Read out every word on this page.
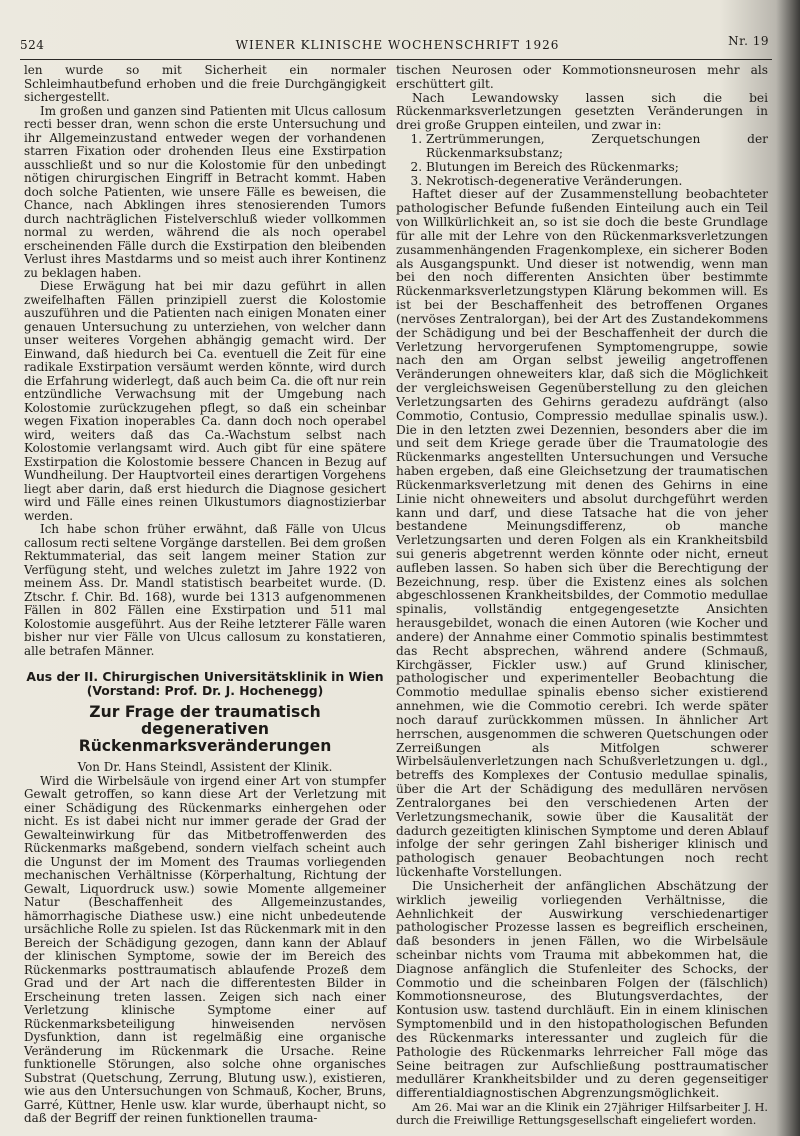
524	WIENER KLINISCHE WOCHENSCHRIFT 1926	Nr. 19

len wurde so mit Sicherheit ein normaler Schleimhautbefund erhoben und die freie Durchgängigkeit sichergestellt.

Im großen und ganzen sind Patienten mit Ulcus callosum recti besser dran, wenn schon die erste Untersuchung und ihr Allgemeinzustand entweder wegen der vorhandenen starren Fixation oder drohenden Ileus eine Exstirpation ausschließt und so nur die Kolostomie für den unbedingt nötigen chirurgischen Eingriff in Betracht kommt. Haben doch solche Patienten, wie unsere Fälle es beweisen, die Chance, nach Abklingen ihres stenosierenden Tumors durch nachträglichen Fistelverschluß wieder vollkommen normal zu werden, während die als noch operabel erscheinenden Fälle durch die Exstirpation den bleibenden Verlust ihres Mastdarms und so meist auch ihrer Kontinenz zu beklagen haben.

Diese Erwägung hat bei mir dazu geführt in allen zweifelhaften Fällen prinzipiell zuerst die Kolostomie auszuführen und die Patienten nach einigen Monaten einer genauen Untersuchung zu unterziehen, von welcher dann unser weiteres Vorgehen abhängig gemacht wird. Der Einwand, daß hiedurch bei Ca. eventuell die Zeit für eine radikale Exstirpation versäumt werden könnte, wird durch die Erfahrung widerlegt, daß auch beim Ca. die oft nur rein entzündliche Verwachsung mit der Umgebung nach Kolostomie zurückzugehen pflegt, so daß ein scheinbar wegen Fixation inoperables Ca. dann doch noch operabel wird, weiters daß das Ca.-Wachstum selbst nach Kolostomie verlangsamt wird. Auch gibt für eine spätere Exstirpation die Kolostomie bessere Chancen in Bezug auf Wundheilung. Der Hauptvorteil eines derartigen Vorgehens liegt aber darin, daß erst hiedurch die Diagnose gesichert wird und Fälle eines reinen Ulkustumors diagnostizierbar werden.

Ich habe schon früher erwähnt, daß Fälle von Ulcus callosum recti seltene Vorgänge darstellen. Bei dem großen Rektummaterial, das seit langem meiner Station zur Verfügung steht, und welches zuletzt im Jahre 1922 von meinem Ass. Dr. Mandl statistisch bearbeitet wurde. (D. Ztschr. f. Chir. Bd. 168), wurde bei 1313 aufgenommenen Fällen in 802 Fällen eine Exstirpation und 511 mal Kolostomie ausgeführt. Aus der Reihe letzterer Fälle waren bisher nur vier Fälle von Ulcus callosum zu konstatieren, alle betrafen Männer.

Aus der II. Chirurgischen Universitätsklinik in Wien
(Vorstand: Prof. Dr. J. Hochenegg)
Zur Frage der traumatisch degenerativen
Rückenmarksveränderungen

Von Dr. Hans Steindl, Assistent der Klinik.

Wird die Wirbelsäule von irgend einer Art von stumpfer Gewalt getroffen, so kann diese Art der Verletzung mit einer Schädigung des Rückenmarks einhergehen oder nicht. Es ist dabei nicht nur immer gerade der Grad der Gewalteinwirkung für das Mitbetroffenwerden des Rückenmarks maßgebend, sondern vielfach scheint auch die Ungunst der im Moment des Traumas vorliegenden mechanischen Verhältnisse (Körperhaltung, Richtung der Gewalt, Liquordruck usw.) sowie Momente allgemeiner Natur (Beschaffenheit des Allgemeinzustandes, hämorrhagische Diathese usw.) eine nicht unbedeutende ursächliche Rolle zu spielen. Ist das Rückenmark mit in den Bereich der Schädigung gezogen, dann kann der Ablauf der klinischen Symptome, sowie der im Bereich des Rückenmarks posttraumatisch ablaufende Prozeß dem Grad und der Art nach die differentesten Bilder in Erscheinung treten lassen. Zeigen sich nach einer Verletzung klinische Symptome einer auf Rückenmarksbeteiligung hinweisenden nervösen Dysfunktion, dann ist regelmäßig eine organische Veränderung im Rückenmark die Ursache. Reine funktionelle Störungen, also solche ohne organisches Substrat (Quetschung, Zerrung, Blutung usw.), existieren, wie aus den Untersuchungen von Schmauß, Kocher, Bruns, Garré, Küttner, Henle usw. klar wurde, überhaupt nicht, so daß der Begriff der reinen funktionellen trauma-

tischen Neurosen oder Kommotionsneurosen mehr als erschüttert gilt.

Nach Lewandowsky lassen sich die bei Rückenmarksverletzungen gesetzten Veränderungen in drei große Gruppen einteilen, und zwar in:

1. Zertrümmerungen, Zerquetschungen der Rückenmarksubstanz;
2. Blutungen im Bereich des Rückenmarks;
3. Nekrotisch-degenerative Veränderungen.

Haftet dieser auf der Zusammenstellung beobachteter pathologischer Befunde fußenden Einteilung auch ein Teil von Willkürlichkeit an, so ist sie doch die beste Grundlage für alle mit der Lehre von den Rückenmarksverletzungen zusammenhängenden Fragenkomplexe, ein sicherer Boden als Ausgangspunkt. Und dieser ist notwendig, wenn man bei den noch differenten Ansichten über bestimmte Rückenmarksverletzungstypen Klärung bekommen will. Es ist bei der Beschaffenheit des betroffenen Organes (nervöses Zentralorgan), bei der Art des Zustandekommens der Schädigung und bei der Beschaffenheit der durch die Verletzung hervorgerufenen Symptomengruppe, sowie nach den am Organ selbst jeweilig angetroffenen Veränderungen ohneweiters klar, daß sich die Möglichkeit der vergleichsweisen Gegenüberstellung zu den gleichen Verletzungsarten des Gehirns geradezu aufdrängt (also Commotio, Contusio, Compressio medullae spinalis usw.). Die in den letzten zwei Dezennien, besonders aber die im und seit dem Kriege gerade über die Traumatologie des Rückenmarks angestellten Untersuchungen und Versuche haben ergeben, daß eine Gleichsetzung der traumatischen Rückenmarksverletzung mit denen des Gehirns in eine Linie nicht ohneweiters und absolut durchgeführt werden kann und darf, und diese Tatsache hat die von jeher bestandene Meinungsdifferenz, ob manche Verletzungsarten und deren Folgen als ein Krankheitsbild sui generis abgetrennt werden könnte oder nicht, erneut aufleben lassen. So haben sich über die Berechtigung der Bezeichnung, resp. über die Existenz eines als solchen abgeschlossenen Krankheitsbildes, der Commotio medullae spinalis, vollständig entgegengesetzte Ansichten herausgebildet, wonach die einen Autoren (wie Kocher und andere) der Annahme einer Commotio spinalis bestimmtest das Recht absprechen, während andere (Schmauß, Kirchgässer, Fickler usw.) auf Grund klinischer, pathologischer und experimenteller Beobachtung die Commotio medullae spinalis ebenso sicher existierend annehmen, wie die Commotio cerebri. Ich werde später noch darauf zurückkommen müssen. In ähnlicher Art herrschen, ausgenommen die schweren Quetschungen oder Zerreißungen als Mitfolgen schwerer Wirbelsäulenverletzungen nach Schußverletzungen u. dgl., betreffs des Komplexes der Contusio medullae spinalis, über die Art der Schädigung des medullären nervösen Zentralorganes bei den verschiedenen Arten der Verletzungsmechanik, sowie über die Kausalität der dadurch gezeitigten klinischen Symptome und deren Ablauf infolge der sehr geringen Zahl bisheriger klinisch und pathologisch genauer Beobachtungen noch recht lückenhafte Vorstellungen.

Die Unsicherheit der anfänglichen Abschätzung der wirklich jeweilig vorliegenden Verhältnisse, die Aehnlichkeit der Auswirkung verschiedenartiger pathologischer Prozesse lassen es begreiflich erscheinen, daß besonders in jenen Fällen, wo die Wirbelsäule scheinbar nichts vom Trauma mit abbekommen hat, die Diagnose anfänglich die Stufenleiter des Schocks, der Commotio und die scheinbaren Folgen der (fälschlich) Kommotionsneurose, des Blutungsverdachtes, der Kontusion usw. tastend durchläuft. Ein in einem klinischen Symptomenbild und in den histopathologischen Befunden des Rückenmarks interessanter und zugleich für die Pathologie des Rückenmarks lehrreicher Fall möge das Seine beitragen zur Aufschließung posttraumatischer medullärer Krankheitsbilder und zu deren gegenseitiger differentialdiagnostischen Abgrenzungsmöglichkeit.

Am 26. Mai war an die Klinik ein 27jähriger Hilfsarbeiter J. H. durch die Freiwillige Rettungsgesellschaft eingeliefert worden.
